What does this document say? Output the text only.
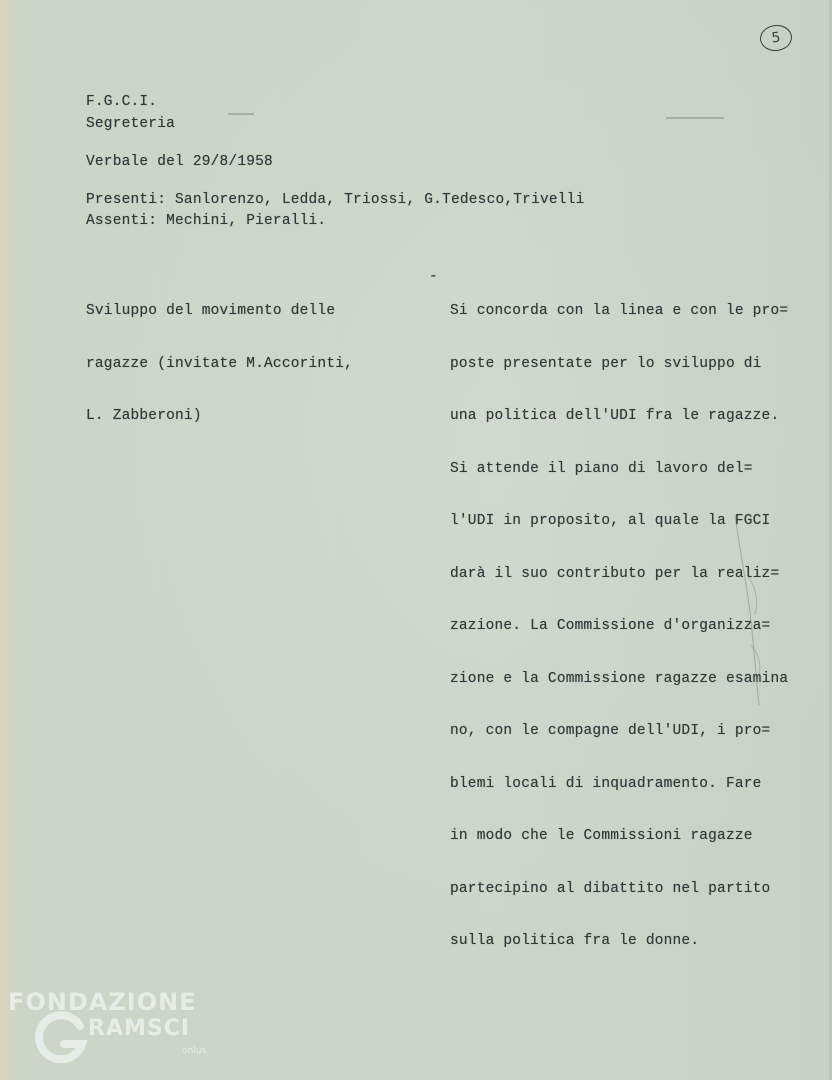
5
F.G.C.I.
Segreteria
Verbale del 29/8/1958
Presenti: Sanlorenzo, Ledda, Triossi, G.Tedesco,Trivelli
Assenti: Mechini, Pieralli.

Sviluppo del movimento delle

ragazze (invitate M.Accorinti,

L. Zabberoni)

-

Si concorda con la linea e con le pro=

poste presentate per lo sviluppo di

una politica dell'UDI fra le ragazze.

Si attende il piano di lavoro del=

l'UDI in proposito, al quale la FGCI

darà il suo contributo per la realiz=

zazione. La Commissione d'organizza=

zione e la Commissione ragazze esamina

no, con le compagne dell'UDI, i pro=

blemi locali di inquadramento. Fare

in modo che le Commissioni ragazze

partecipino al dibattito nel partito

sulla politica fra le donne.

FONDAZIONE
RAMSCI
onlus
